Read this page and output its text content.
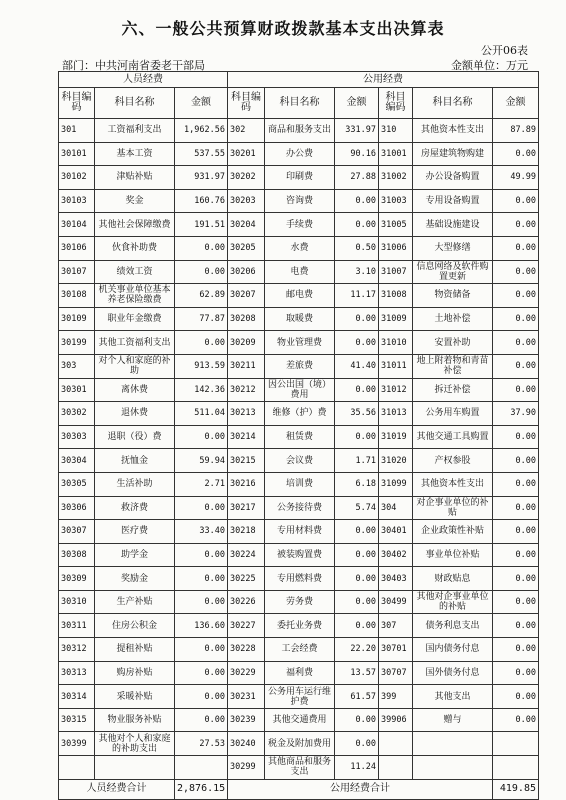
六、一般公共预算财政拨款基本支出决算表
公开06表
部门：中共河南省委老干部局	金额单位：万元
人员经费			公用经费					
科目编码	科目名称	金额	科目编码	科目名称	金额	科目编码	科目名称	金额
301	工资福利支出	1,962.56	302	商品和服务支出	331.97	310	其他资本性支出	87.89
30101	基本工资	537.55	30201	办公费	90.16	31001	房屋建筑物购建	0.00
30102	津贴补贴	931.97	30202	印刷费	27.88	31002	办公设备购置	49.99
30103	奖金	160.76	30203	咨询费	0.00	31003	专用设备购置	0.00
30104	其他社会保障缴费	191.51	30204	手续费	0.00	31005	基础设施建设	0.00
30106	伙食补助费	0.00	30205	水费	0.50	31006	大型修缮	0.00
30107	绩效工资	0.00	30206	电费	3.10	31007	信息网络及软件购置更新	0.00
30108	机关事业单位基本养老保险缴费	62.89	30207	邮电费	11.17	31008	物资储备	0.00
30109	职业年金缴费	77.87	30208	取暖费	0.00	31009	土地补偿	0.00
30199	其他工资福利支出	0.00	30209	物业管理费	0.00	31010	安置补助	0.00
303	对个人和家庭的补助	913.59	30211	差旅费	41.40	31011	地上附着物和青苗补偿	0.00
30301	离休费	142.36	30212	因公出国（境）费用	0.00	31012	拆迁补偿	0.00
30302	退休费	511.04	30213	维修（护）费	35.56	31013	公务用车购置	37.90
30303	退职（役）费	0.00	30214	租赁费	0.00	31019	其他交通工具购置	0.00
30304	抚恤金	59.94	30215	会议费	1.71	31020	产权参股	0.00
30305	生活补助	2.71	30216	培训费	6.18	31099	其他资本性支出	0.00
30306	救济费	0.00	30217	公务接待费	5.74	304	对企事业单位的补贴	0.00
30307	医疗费	33.40	30218	专用材料费	0.00	30401	企业政策性补贴	0.00
30308	助学金	0.00	30224	被装购置费	0.00	30402	事业单位补贴	0.00
30309	奖励金	0.00	30225	专用燃料费	0.00	30403	财政贴息	0.00
30310	生产补贴	0.00	30226	劳务费	0.00	30499	其他对企事业单位的补贴	0.00
30311	住房公积金	136.60	30227	委托业务费	0.00	307	债务利息支出	0.00
30312	提租补贴	0.00	30228	工会经费	22.20	30701	国内债务付息	0.00
30313	购房补贴	0.00	30229	福利费	13.57	30707	国外债务付息	0.00
30314	采暖补贴	0.00	30231	公务用车运行维护费	61.57	399	其他支出	0.00
30315	物业服务补贴	0.00	30239	其他交通费用	0.00	39906	赠与	0.00
30399	其他对个人和家庭的补助支出	27.53	30240	税金及附加费用	0.00			
			30299	其他商品和服务支出	11.24			
人员经费合计		2,876.15	公用经费合计					419.85
